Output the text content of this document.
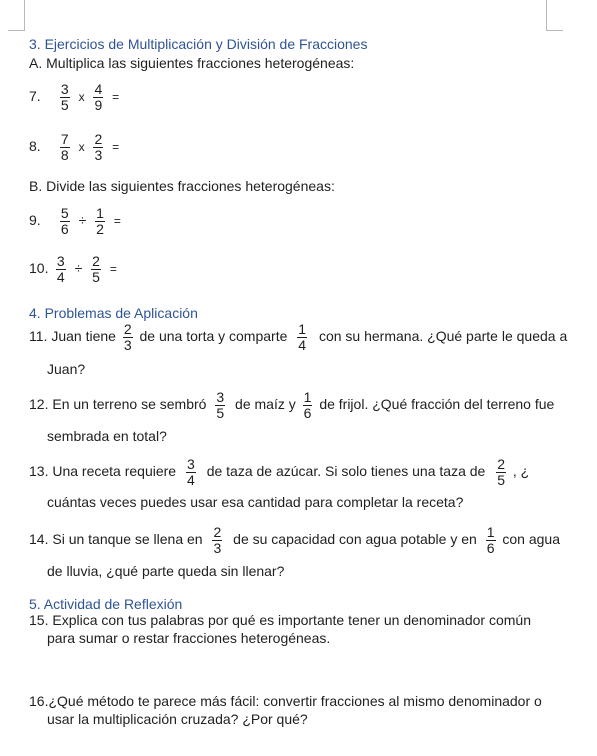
3. Ejercicios de Multiplicación y División de Fracciones
A. Multiplica las siguientes fracciones heterogéneas:
7. $\frac{3}{5}$ x $\frac{4}{9}$ =
8. $\frac{7}{8}$ x $\frac{2}{3}$ =
B. Divide las siguientes fracciones heterogéneas:
9. $\frac{5}{6} \div \frac{1}{2}$ =
10. $\frac{3}{4} \div \frac{2}{5}$ =
4. Problemas de Aplicación
11. Juan tiene $\frac{2}{3}$ de una torta y comparte $\frac{1}{4}$ con su hermana. ¿Qué parte le queda a
Juan?
12. En un terreno se sembró $\frac{3}{5}$ de maíz y $\frac{1}{6}$ de frijol. ¿Qué fracción del terreno fue
sembrada en total?
13. Una receta requiere $\frac{3}{4}$ de taza de azúcar. Si solo tienes una taza de $\frac{2}{5}$ , ¿
cuántas veces puedes usar esa cantidad para completar la receta?
14. Si un tanque se llena en $\frac{2}{3}$ de su capacidad con agua potable y en $\frac{1}{6}$ con agua
de lluvia, ¿qué parte queda sin llenar?
5. Actividad de Reflexión
15. Explica con tus palabras por qué es importante tener un denominador común
para sumar o restar fracciones heterogéneas.
16.¿Qué método te parece más fácil: convertir fracciones al mismo denominador o
usar la multiplicación cruzada? ¿Por qué?
